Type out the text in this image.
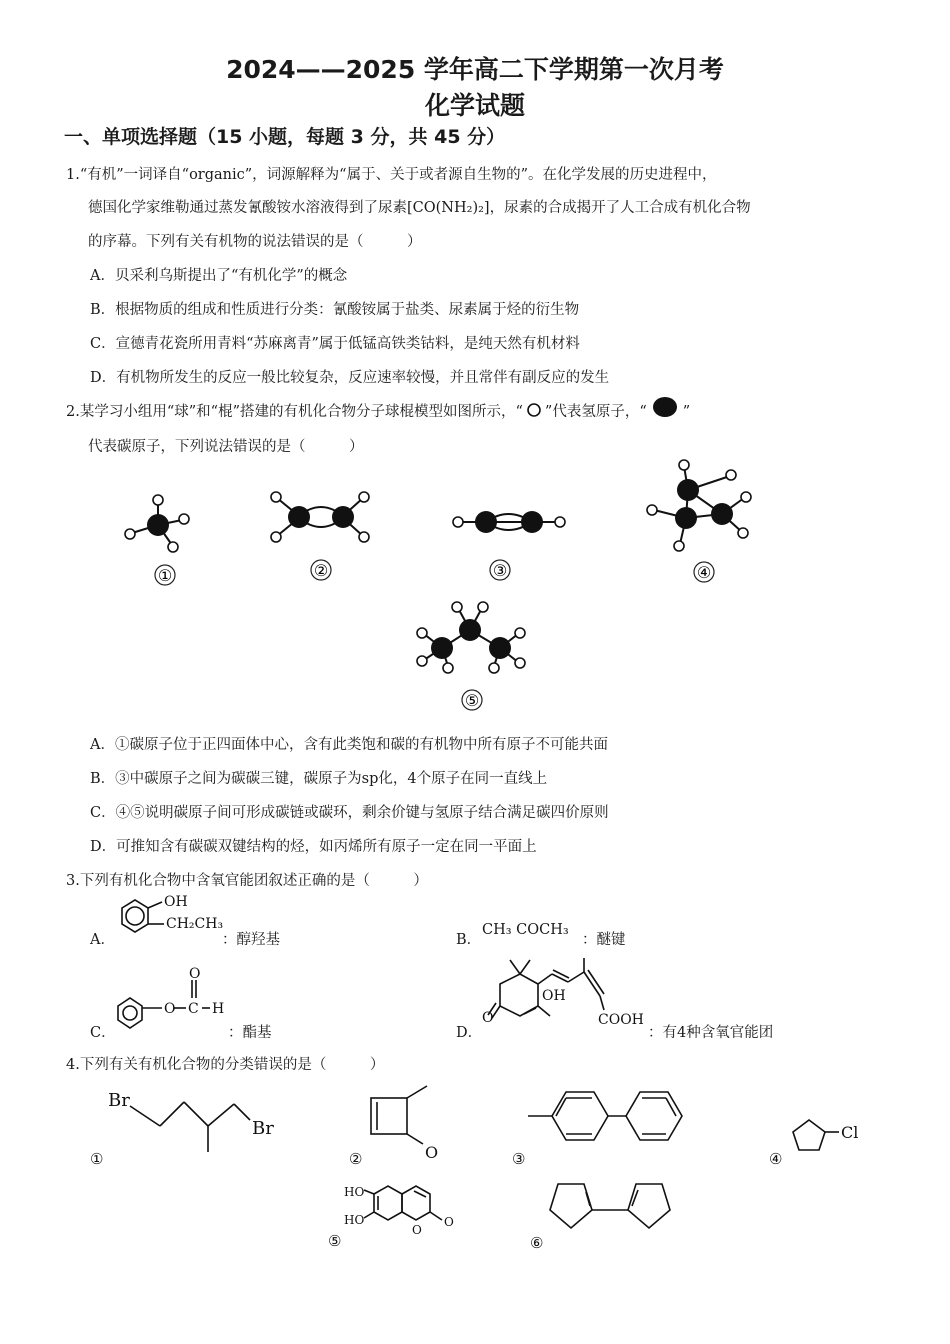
2024——2025 学年高二下学期第一次月考
化学试题
一、单项选择题（15 小题，每题 3 分，共 45 分）
1.“有机”一词译自“organic”，词源解释为“属于、关于或者源自生物的”。在化学发展的历史进程中，
德国化学家维勒通过蒸发氰酸铵水溶液得到了尿素[CO(NH₂)₂]，尿素的合成揭开了人工合成有机化合物
的序幕。下列有关有机物的说法错误的是（　　　）
A．贝采利乌斯提出了“有机化学”的概念
B．根据物质的组成和性质进行分类：氰酸铵属于盐类、尿素属于烃的衍生物
C．宣德青花瓷所用青料“苏麻离青”属于低锰高铁类钴料，是纯天然有机材料
D．有机物所发生的反应一般比较复杂，反应速率较慢，并且常伴有副反应的发生
2.某学习小组用“球”和“棍”搭建的有机化合物分子球棍模型如图所示，“ ”代表氢原子，“ ”
代表碳原子，下列说法错误的是（　　　）
①	②	③	④
⑤
A．①碳原子位于正四面体中心，含有此类饱和碳的有机物中所有原子不可能共面
B．③中碳原子之间为碳碳三键，碳原子为sp化，4个原子在同一直线上
C．④⑤说明碳原子间可形成碳链或碳环，剩余价键与氢原子结合满足碳四价原则
D．可推知含有碳碳双键结构的烃，如丙烯所有原子一定在同一平面上
3.下列有机化合物中含氧官能团叙述正确的是（　　　）
A．
OH
CH₂CH₃
：醇羟基	B．
CH₃ COCH₃
：醚键
C．
O
O
C H
：酯基	D．
O
OH
COOH
：有4种含氧官能团
4.下列有关有机化合物的分类错误的是（　　　）
Br
Br
①	O
②	③
Cl
④
HO
HO
O
O
⑤	⑥
